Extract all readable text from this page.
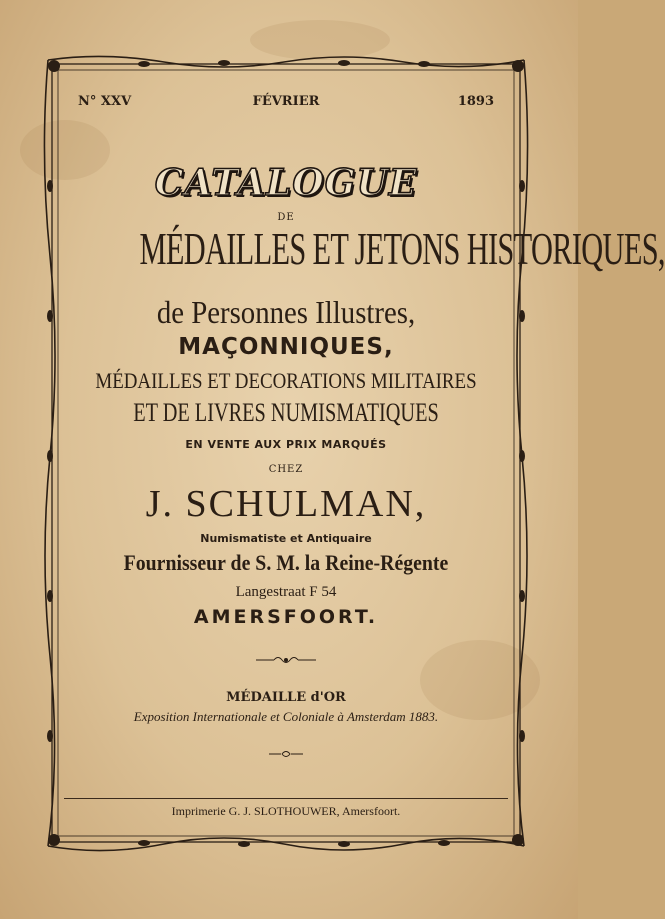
N° XXV	FÉVRIER	1893
CATALOGUE
DE
MÉDAILLES ET JETONS HISTORIQUES,
de Personnes Illustres,
MAÇONNIQUES,
MÉDAILLES ET DECORATIONS MILITAIRES
ET DE LIVRES NUMISMATIQUES
EN VENTE AUX PRIX MARQUÉS
CHEZ
J. SCHULMAN,
Numismatiste et Antiquaire
Fournisseur de S. M. la Reine-Régente
Langestraat F 54
AMERSFOORT.
MÉDAILLE d'OR
Exposition Internationale et Coloniale à Amsterdam 1883.
Imprimerie G. J. SLOTHOUWER, Amersfoort.
